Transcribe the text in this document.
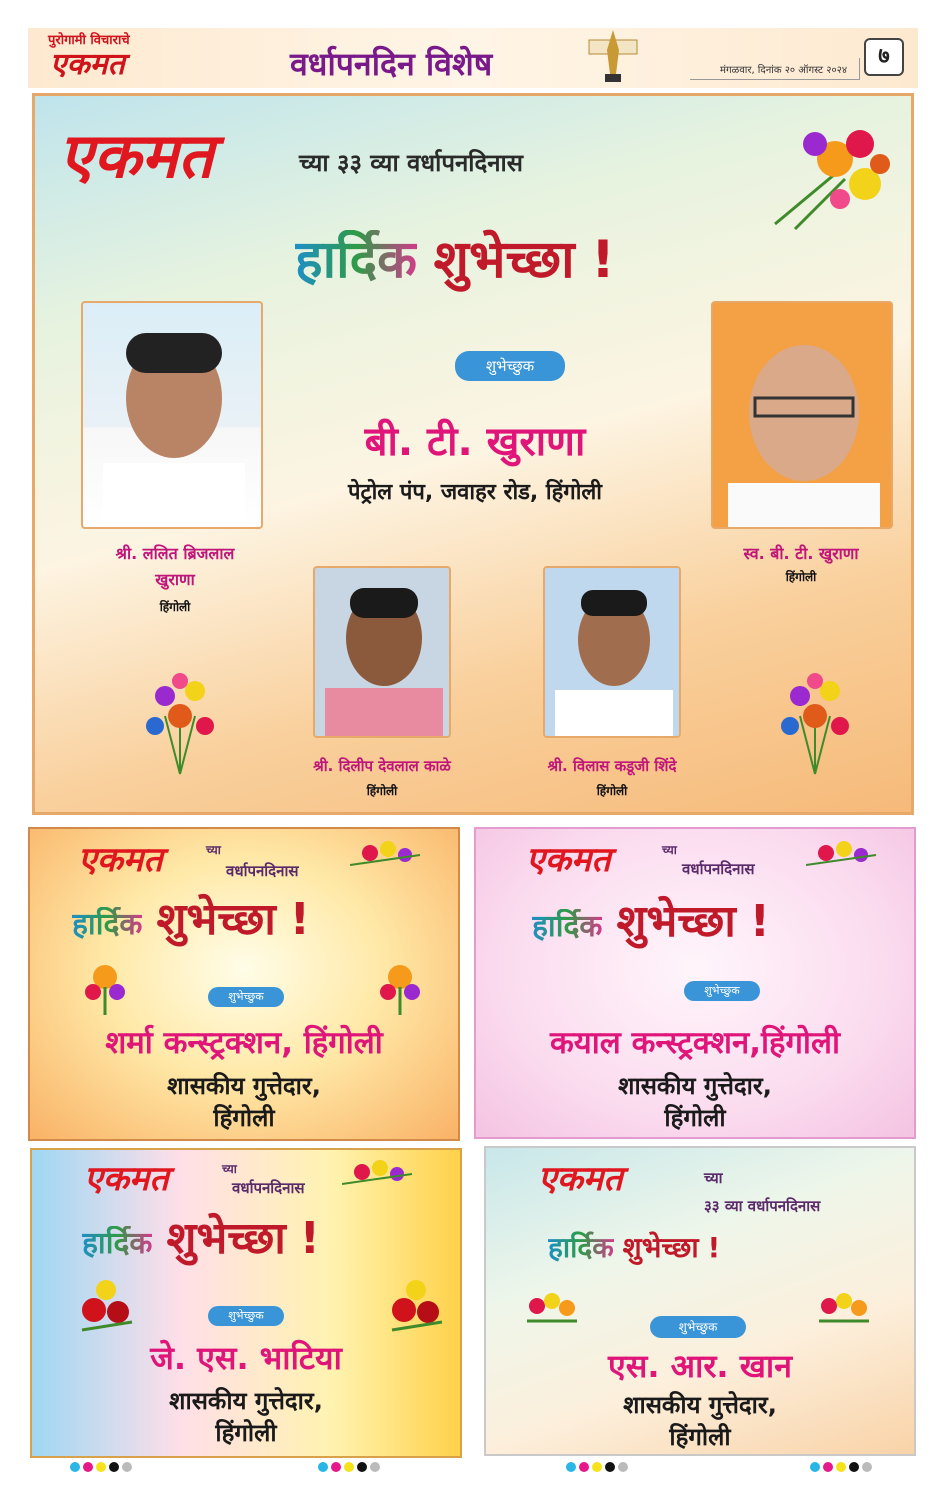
पुरोगामी विचाराचे
एकमत	वर्धापनदिन विशेष	मंगळवार, दिनांक २० ऑगस्ट २०२४
७
एकमत	च्या ३३ व्या वर्धापनदिनास
हार्दिक शुभेच्छा !
शुभेच्छुक
बी. टी. खुराणा
पेट्रोल पंप, जवाहर रोड, हिंगोली
श्री. ललित ब्रिजलाल
खुराणा
हिंगोली
स्व. बी. टी. खुराणा
हिंगोली
श्री. दिलीप देवलाल काळे
हिंगोली
श्री. विलास कडूजी शिंदे
हिंगोली
एकमत	च्या
वर्धापनदिनास
हार्दिक शुभेच्छा !
शुभेच्छुक
शर्मा कन्स्ट्रक्शन, हिंगोली
शासकीय गुत्तेदार,
हिंगोली
एकमत	च्या
वर्धापनदिनास
हार्दिक शुभेच्छा !
शुभेच्छुक
कयाल कन्स्ट्रक्शन,हिंगोली
शासकीय गुत्तेदार,
हिंगोली
एकमत	च्या
वर्धापनदिनास
हार्दिक शुभेच्छा !
शुभेच्छुक
जे. एस. भाटिया
शासकीय गुत्तेदार,
हिंगोली
एकमत	च्या
३३ व्या वर्धापनदिनास
हार्दिक शुभेच्छा !
शुभेच्छुक
एस. आर. खान
शासकीय गुत्तेदार,
हिंगोली
